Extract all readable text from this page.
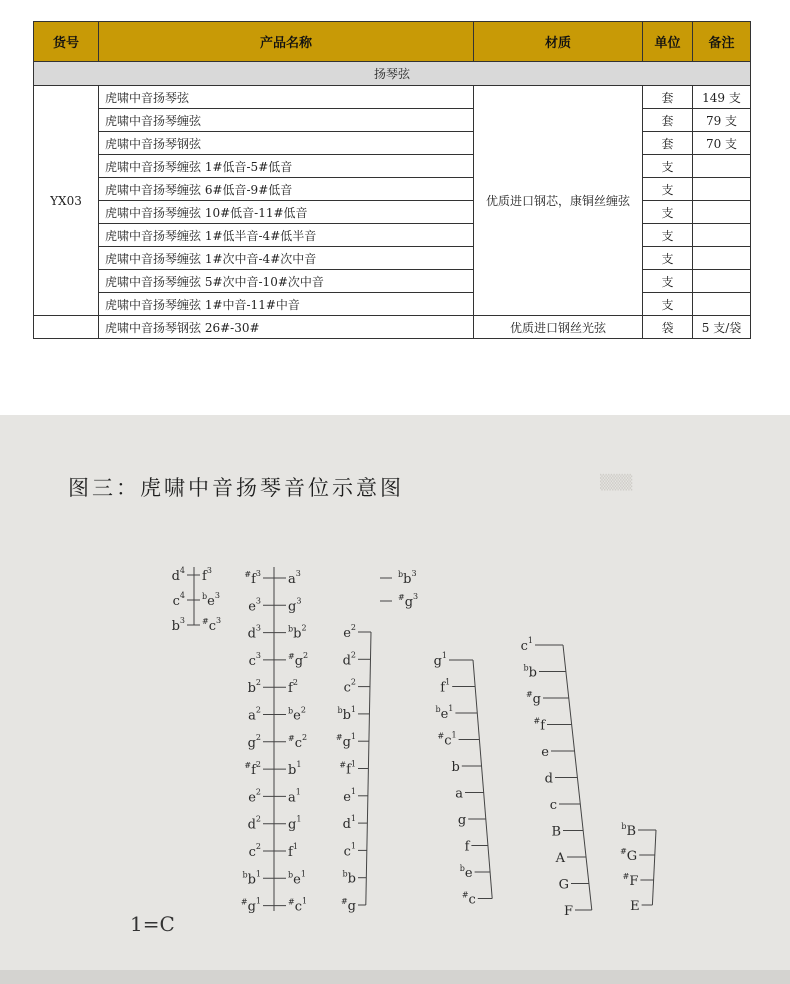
货号	产品名称	材质	单位	备注
扬琴弦				
YX03	虎啸中音扬琴弦	优质进口钢芯，康铜丝缠弦	套	149 支
	虎啸中音扬琴缠弦		套	79 支
	虎啸中音扬琴钢弦		套	70 支
	虎啸中音扬琴缠弦 1#低音-5#低音		支	
	虎啸中音扬琴缠弦 6#低音-9#低音		支	
	虎啸中音扬琴缠弦 10#低音-11#低音		支	
	虎啸中音扬琴缠弦 1#低半音-4#低半音		支	
	虎啸中音扬琴缠弦 1#次中音-4#次中音		支	
	虎啸中音扬琴缠弦 5#次中音-10#次中音		支	
	虎啸中音扬琴缠弦 1#中音-11#中音		支	
	虎啸中音扬琴钢弦 26#-30#	优质进口钢丝光弦	袋	5 支/袋
▒▒▒
图三：虎啸中音扬琴音位示意图
$d^4$ $f^3$
$c^4$ $^be^3$
$b^3$ $^{\#}c^3$
$^{\#}f^3$ $a^3$
$e^3$ $g^3$
$d^3$	$^bb^2$
$c^3$	$^{\#}g^2$
$b^2$ $f^2$
$a^2$	$^be^2$
$g^2$	$^{\#}c^2$
$^{\#}f^2$ $b^1$
$e^2$ $a^1$
$d^2$ $g^1$
$c^2$ $f^1$
$^bb^1$	$^be^1$
$^{\#}g^1$	$^{\#}c^1$
$^bb^3$
$^{\#}g^3$
$e^2$
$d^2$
$c^2$
$^bb^1$
$^{\#}g^1$
$^{\#}f^1$
$e^1$
$d^1$
$c^1$
$^b$b
#g
$g^1$
$f^1$
$^be^1$
$^{\#}c^1$
b
a
g
f
$^b$e
#c
$c^1$
$^b$b
#g
#f
e
d
c
B
A
G
F
$^b$B
#G
#F
E
1=C
